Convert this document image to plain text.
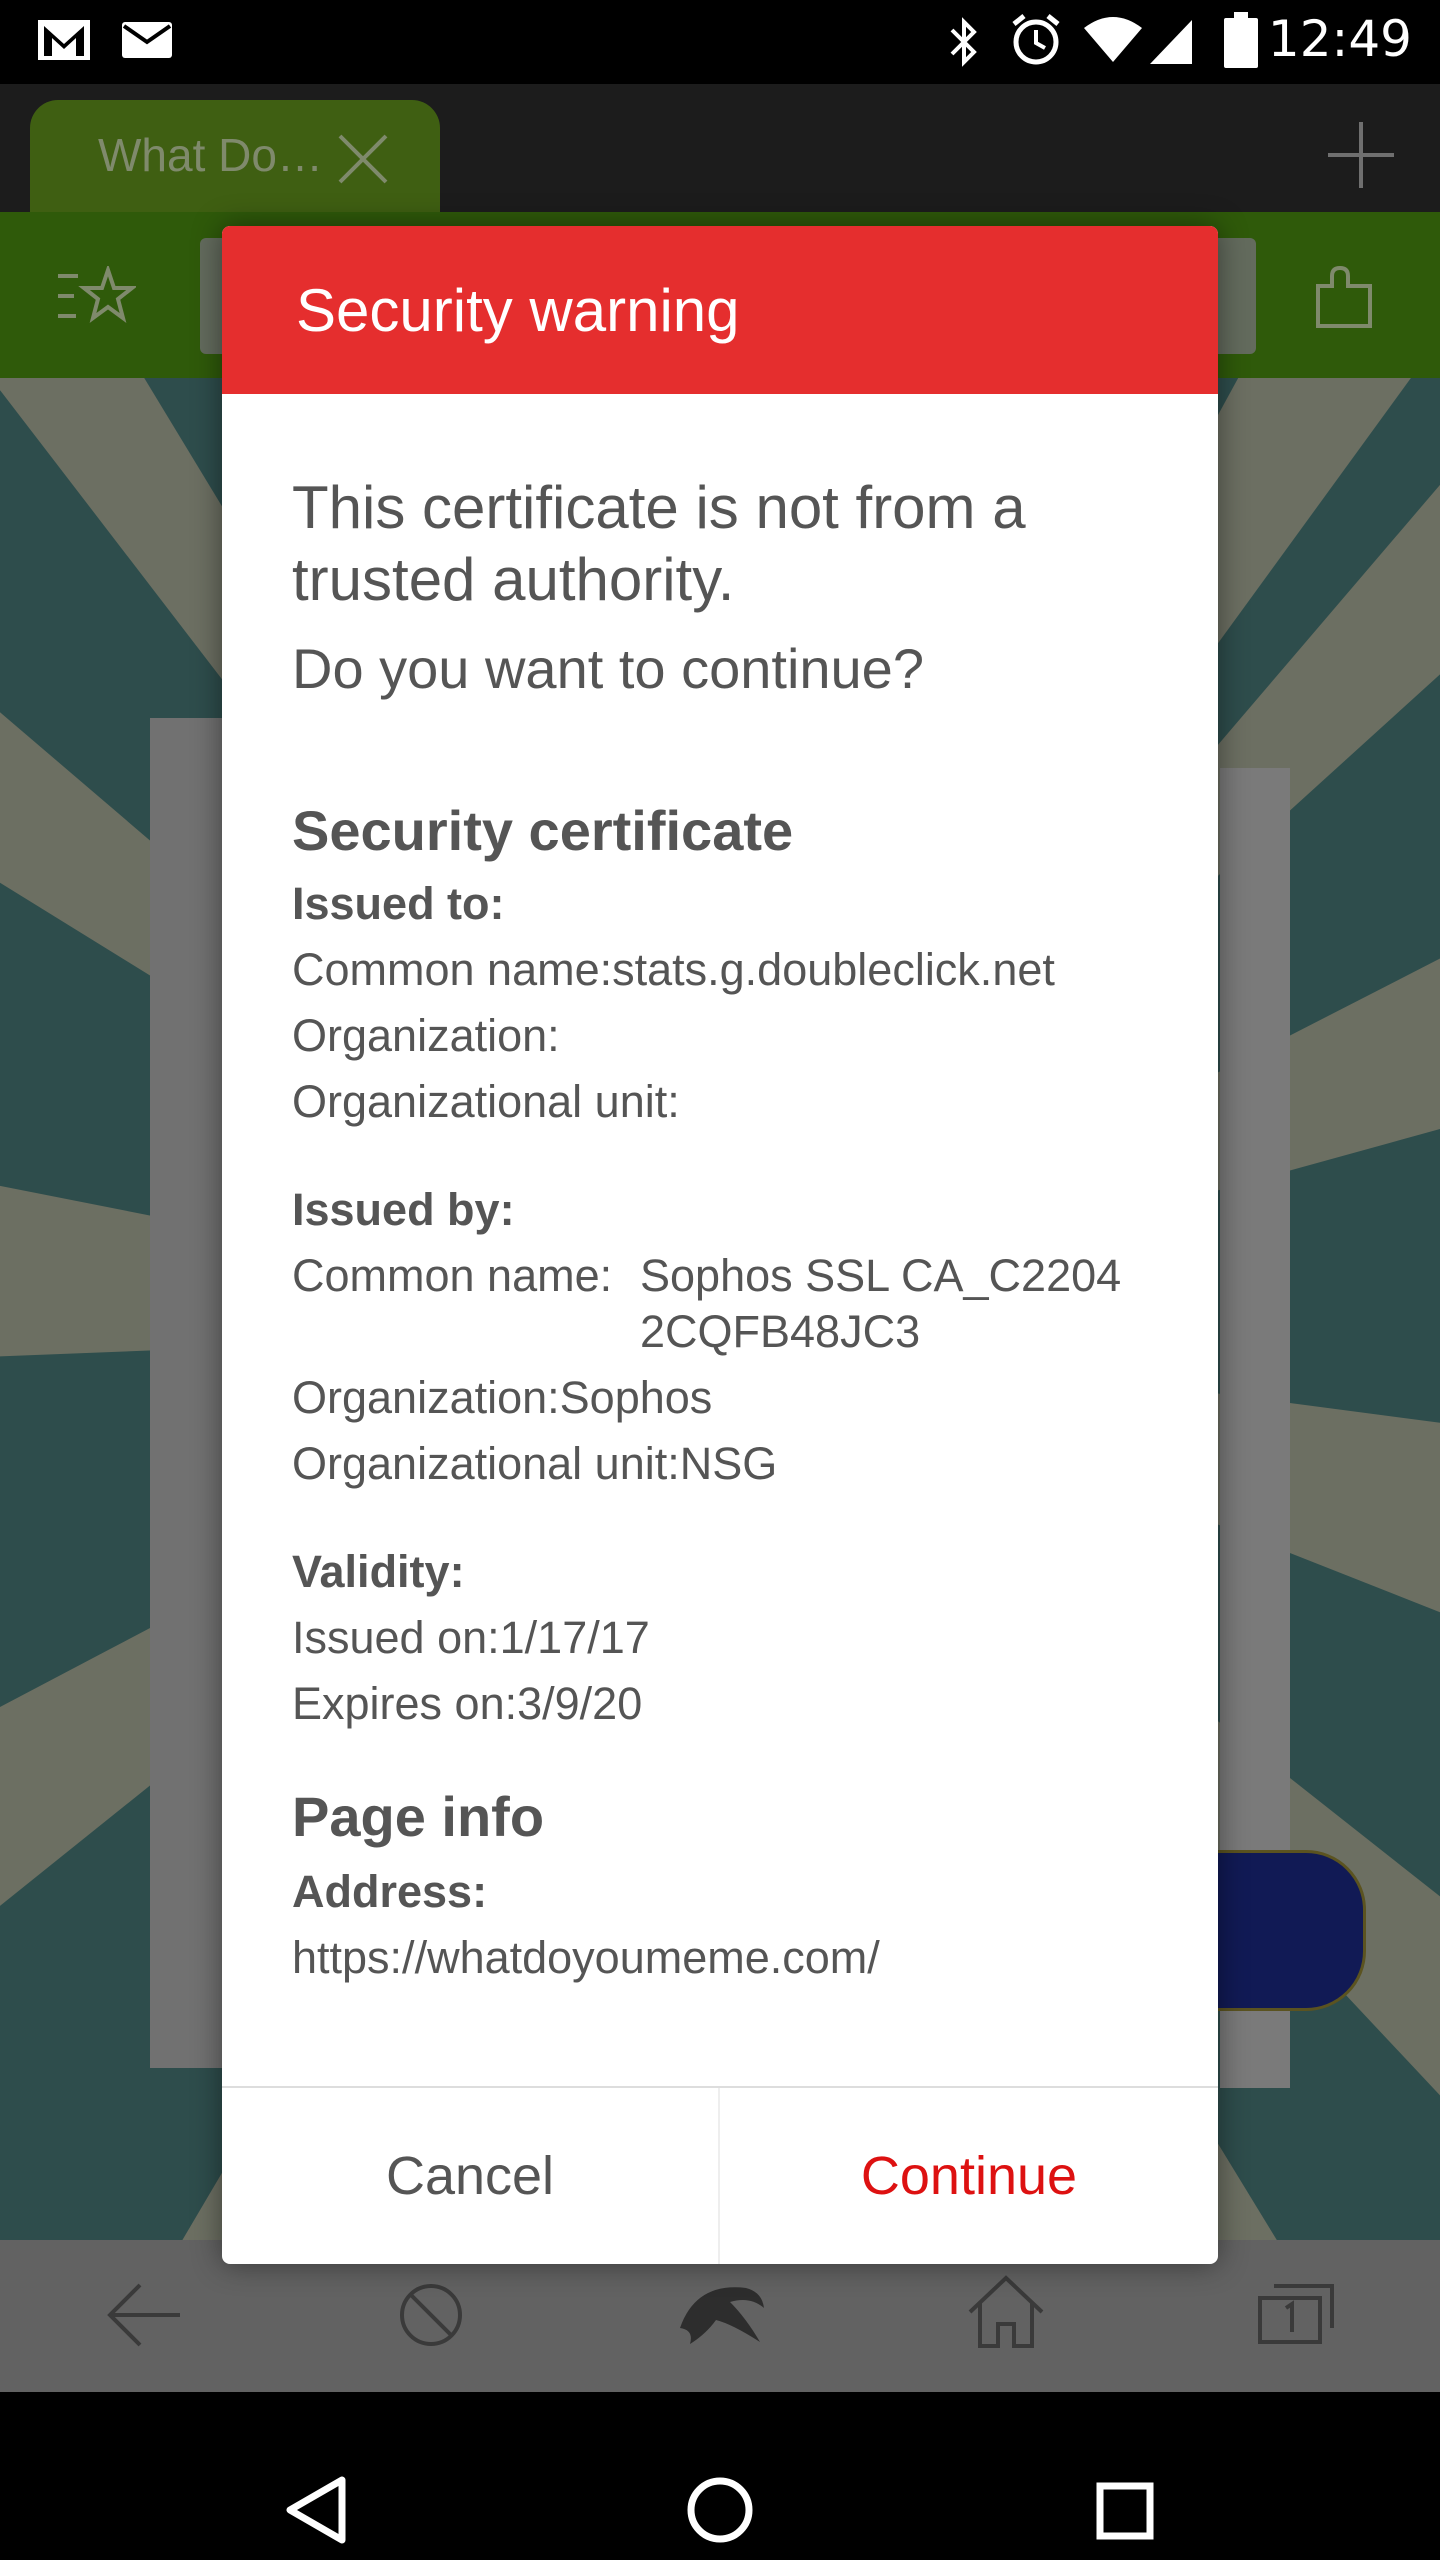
12:49
What Do…
Security warning
This certificate is not from a trusted authority.
Do you want to continue?
Security certificate
Issued to:
Common name:stats.g.doubleclick.net
Organization:
Organizational unit:
Issued by:
Common name: Sophos SSL CA_C2204
2CQFB48JC3
Organization:Sophos
Organizational unit:NSG
Validity:
Issued on:1/17/17
Expires on:3/9/20
Page info
Address:
https://whatdoyoumeme.com/
Cancel	Continue
